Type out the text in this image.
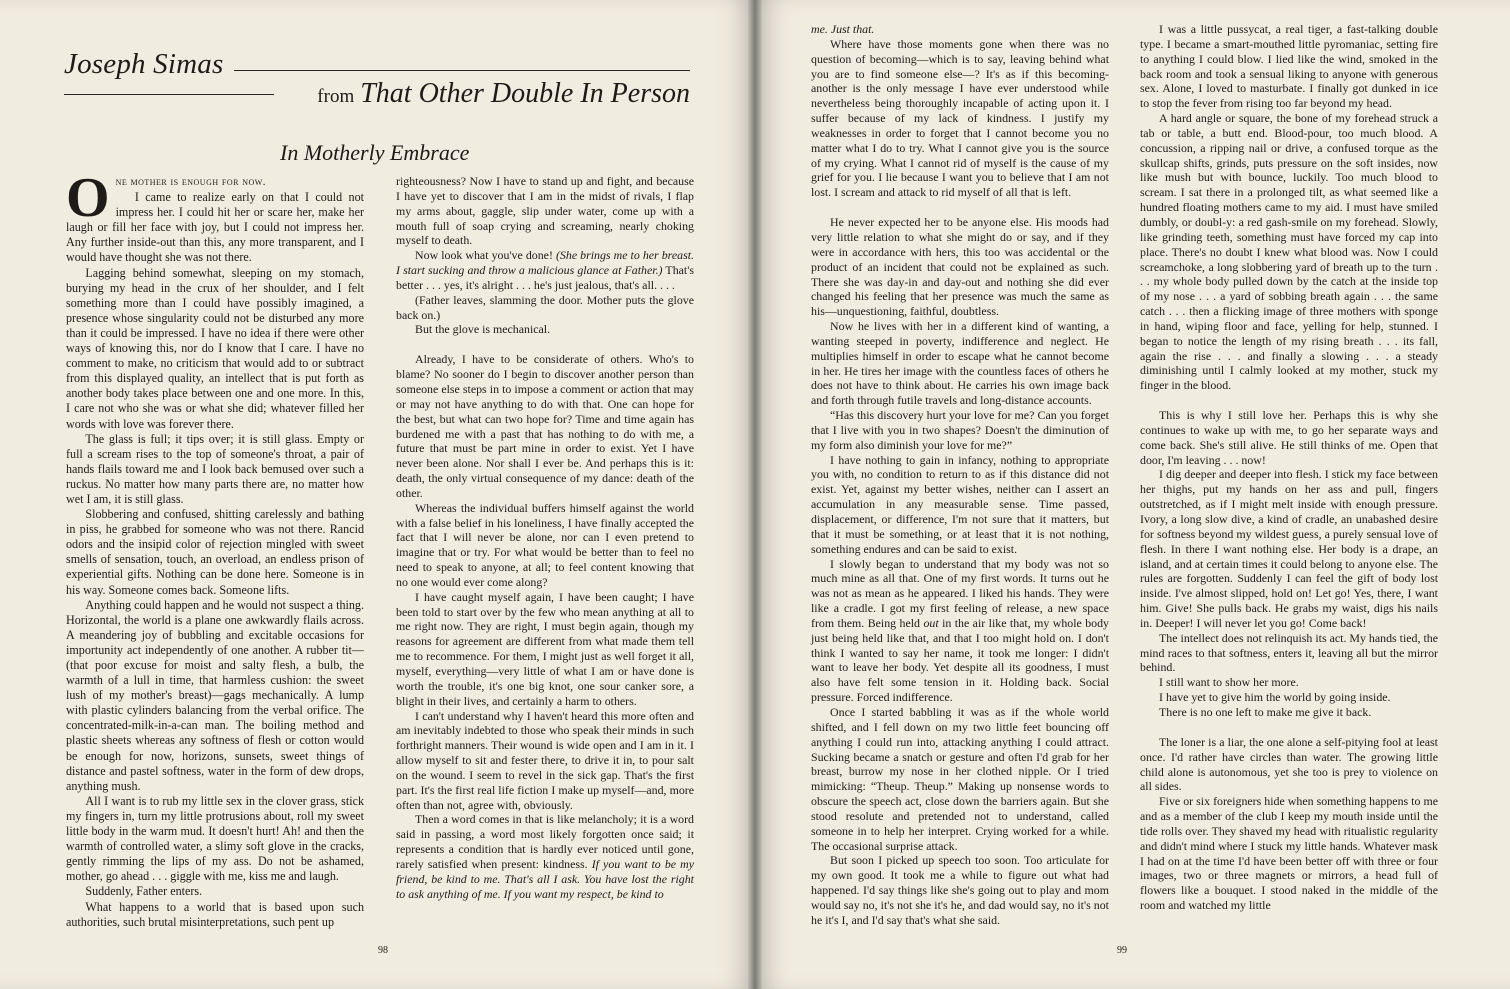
Joseph Simas
from That Other Double In Person
In Motherly Embrace

One mother is enough for now.
I came to realize early on that I could not impress her. I could hit her or scare her, make her laugh or fill her face with joy, but I could not impress her. Any further inside-out than this, any more transparent, and I would have thought she was not there.

Lagging behind somewhat, sleeping on my stomach, burying my head in the crux of her shoulder, and I felt something more than I could have possibly imagined, a presence whose singularity could not be disturbed any more than it could be impressed. I have no idea if there were other ways of knowing this, nor do I know that I care. I have no comment to make, no criticism that would add to or subtract from this displayed quality, an intellect that is put forth as another body takes place between one and one more. In this, I care not who she was or what she did; whatever filled her words with love was forever there.

The glass is full; it tips over; it is still glass. Empty or full a scream rises to the top of someone's throat, a pair of hands flails toward me and I look back bemused over such a ruckus. No matter how many parts there are, no matter how wet I am, it is still glass.

Slobbering and confused, shitting carelessly and bathing in piss, he grabbed for someone who was not there. Rancid odors and the insipid color of rejection mingled with sweet smells of sensation, touch, an overload, an endless prison of experiential gifts. Nothing can be done here. Someone is in his way. Someone comes back. Someone lifts.

Anything could happen and he would not suspect a thing. Horizontal, the world is a plane one awkwardly flails across. A meandering joy of bubbling and excitable occasions for importunity act independently of one another. A rubber tit—(that poor excuse for moist and salty flesh, a bulb, the warmth of a lull in time, that harmless cushion: the sweet lush of my mother's breast)—gags mechanically. A lump with plastic cylinders balancing from the verbal orifice. The concentrated-milk-in-a-can man. The boiling method and plastic sheets whereas any softness of flesh or cotton would be enough for now, horizons, sunsets, sweet things of distance and pastel softness, water in the form of dew drops, anything mush.

All I want is to rub my little sex in the clover grass, stick my fingers in, turn my little protrusions about, roll my sweet little body in the warm mud. It doesn't hurt! Ah! and then the warmth of controlled water, a slimy soft glove in the cracks, gently rimming the lips of my ass. Do not be ashamed, mother, go ahead . . . giggle with me, kiss me and laugh.

Suddenly, Father enters.

What happens to a world that is based upon such authorities, such brutal misinterpretations, such pent up

righteousness? Now I have to stand up and fight, and because I have yet to discover that I am in the midst of rivals, I flap my arms about, gaggle, slip under water, come up with a mouth full of soap crying and screaming, nearly choking myself to death.

Now look what you've done! (She brings me to her breast. I start sucking and throw a malicious glance at Father.) That's better . . . yes, it's alright . . . he's just jealous, that's all. . . .

(Father leaves, slamming the door. Mother puts the glove back on.)

But the glove is mechanical.

Already, I have to be considerate of others. Who's to blame? No sooner do I begin to discover another person than someone else steps in to impose a comment or action that may or may not have anything to do with that. One can hope for the best, but what can two hope for? Time and time again has burdened me with a past that has nothing to do with me, a future that must be part mine in order to exist. Yet I have never been alone. Nor shall I ever be. And perhaps this is it: death, the only virtual consequence of my dance: death of the other.

Whereas the individual buffers himself against the world with a false belief in his loneliness, I have finally accepted the fact that I will never be alone, nor can I even pretend to imagine that or try. For what would be better than to feel no need to speak to anyone, at all; to feel content knowing that no one would ever come along?

I have caught myself again, I have been caught; I have been told to start over by the few who mean anything at all to me right now. They are right, I must begin again, though my reasons for agreement are different from what made them tell me to recommence. For them, I might just as well forget it all, myself, everything—very little of what I am or have done is worth the trouble, it's one big knot, one sour canker sore, a blight in their lives, and certainly a harm to others.

I can't understand why I haven't heard this more often and am inevitably indebted to those who speak their minds in such forthright manners. Their wound is wide open and I am in it. I allow myself to sit and fester there, to drive it in, to pour salt on the wound. I seem to revel in the sick gap. That's the first part. It's the first real life fiction I make up myself—and, more often than not, agree with, obviously.

Then a word comes in that is like melancholy; it is a word said in passing, a word most likely forgotten once said; it represents a condition that is hardly ever noticed until gone, rarely satisfied when present: kindness. If you want to be my friend, be kind to me. That's all I ask. You have lost the right to ask anything of me. If you want my respect, be kind to

98

me. Just that.

Where have those moments gone when there was no question of becoming—which is to say, leaving behind what you are to find someone else—? It's as if this becoming-another is the only message I have ever understood while nevertheless being thoroughly incapable of acting upon it. I suffer because of my lack of kindness. I justify my weaknesses in order to forget that I cannot become you no matter what I do to try. What I cannot give you is the source of my crying. What I cannot rid of myself is the cause of my grief for you. I lie because I want you to believe that I am not lost. I scream and attack to rid myself of all that is left.

He never expected her to be anyone else. His moods had very little relation to what she might do or say, and if they were in accordance with hers, this too was accidental or the product of an incident that could not be explained as such. There she was day-in and day-out and nothing she did ever changed his feeling that her presence was much the same as his—unquestioning, faithful, doubtless.

Now he lives with her in a different kind of wanting, a wanting steeped in poverty, indifference and neglect. He multiplies himself in order to escape what he cannot become in her. He tires her image with the countless faces of others he does not have to think about. He carries his own image back and forth through futile travels and long-distance accounts.

“Has this discovery hurt your love for me? Can you forget that I live with you in two shapes? Doesn't the diminution of my form also diminish your love for me?”

I have nothing to gain in infancy, nothing to appropriate you with, no condition to return to as if this distance did not exist. Yet, against my better wishes, neither can I assert an accumulation in any measurable sense. Time passed, displacement, or difference, I'm not sure that it matters, but that it must be something, or at least that it is not nothing, something endures and can be said to exist.

I slowly began to understand that my body was not so much mine as all that. One of my first words. It turns out he was not as mean as he appeared. I liked his hands. They were like a cradle. I got my first feeling of release, a new space from them. Being held out in the air like that, my whole body just being held like that, and that I too might hold on. I don't think I wanted to say her name, it took me longer: I didn't want to leave her body. Yet despite all its goodness, I must also have felt some tension in it. Holding back. Social pressure. Forced indifference.

Once I started babbling it was as if the whole world shifted, and I fell down on my two little feet bouncing off anything I could run into, attacking anything I could attract. Sucking became a snatch or gesture and often I'd grab for her breast, burrow my nose in her clothed nipple. Or I tried mimicking: “Theup. Theup.” Making up nonsense words to obscure the speech act, close down the barriers again. But she stood resolute and pretended not to understand, called someone in to help her interpret. Crying worked for a while. The occasional surprise attack.

But soon I picked up speech too soon. Too articulate for my own good. It took me a while to figure out what had happened. I'd say things like she's going out to play and mom would say no, it's not she it's he, and dad would say, no it's not he it's I, and I'd say that's what she said.

I was a little pussycat, a real tiger, a fast-talking double type. I became a smart-mouthed little pyromaniac, setting fire to anything I could blow. I lied like the wind, smoked in the back room and took a sensual liking to anyone with generous sex. Alone, I loved to masturbate. I finally got dunked in ice to stop the fever from rising too far beyond my head.

A hard angle or square, the bone of my forehead struck a tab or table, a butt end. Blood-pour, too much blood. A concussion, a ripping nail or drive, a confused torque as the skullcap shifts, grinds, puts pressure on the soft insides, now like mush but with bounce, luckily. Too much blood to scream. I sat there in a prolonged tilt, as what seemed like a hundred floating mothers came to my aid. I must have smiled dumbly, or doubl-y: a red gash-smile on my forehead. Slowly, like grinding teeth, something must have forced my cap into place. There's no doubt I knew what blood was. Now I could screamchoke, a long slobbering yard of breath up to the turn . . . my whole body pulled down by the catch at the inside top of my nose . . . a yard of sobbing breath again . . . the same catch . . . then a flicking image of three mothers with sponge in hand, wiping floor and face, yelling for help, stunned. I began to notice the length of my rising breath . . . its fall, again the rise . . . and finally a slowing . . . a steady diminishing until I calmly looked at my mother, stuck my finger in the blood.

This is why I still love her. Perhaps this is why she continues to wake up with me, to go her separate ways and come back. She's still alive. He still thinks of me. Open that door, I'm leaving . . . now!

I dig deeper and deeper into flesh. I stick my face between her thighs, put my hands on her ass and pull, fingers outstretched, as if I might melt inside with enough pressure. Ivory, a long slow dive, a kind of cradle, an unabashed desire for softness beyond my wildest guess, a purely sensual love of flesh. In there I want nothing else. Her body is a drape, an island, and at certain times it could belong to anyone else. The rules are forgotten. Suddenly I can feel the gift of body lost inside. I've almost slipped, hold on! Let go! Yes, there, I want him. Give! She pulls back. He grabs my waist, digs his nails in. Deeper! I will never let you go! Come back!

The intellect does not relinquish its act. My hands tied, the mind races to that softness, enters it, leaving all but the mirror behind.

I still want to show her more.

I have yet to give him the world by going inside.

There is no one left to make me give it back.

The loner is a liar, the one alone a self-pitying fool at least once. I'd rather have circles than water. The growing little child alone is autonomous, yet she too is prey to violence on all sides.

Five or six foreigners hide when something happens to me and as a member of the club I keep my mouth inside until the tide rolls over. They shaved my head with ritualistic regularity and didn't mind where I stuck my little hands. Whatever mask I had on at the time I'd have been better off with three or four images, two or three magnets or mirrors, a head full of flowers like a bouquet. I stood naked in the middle of the room and watched my little

99
